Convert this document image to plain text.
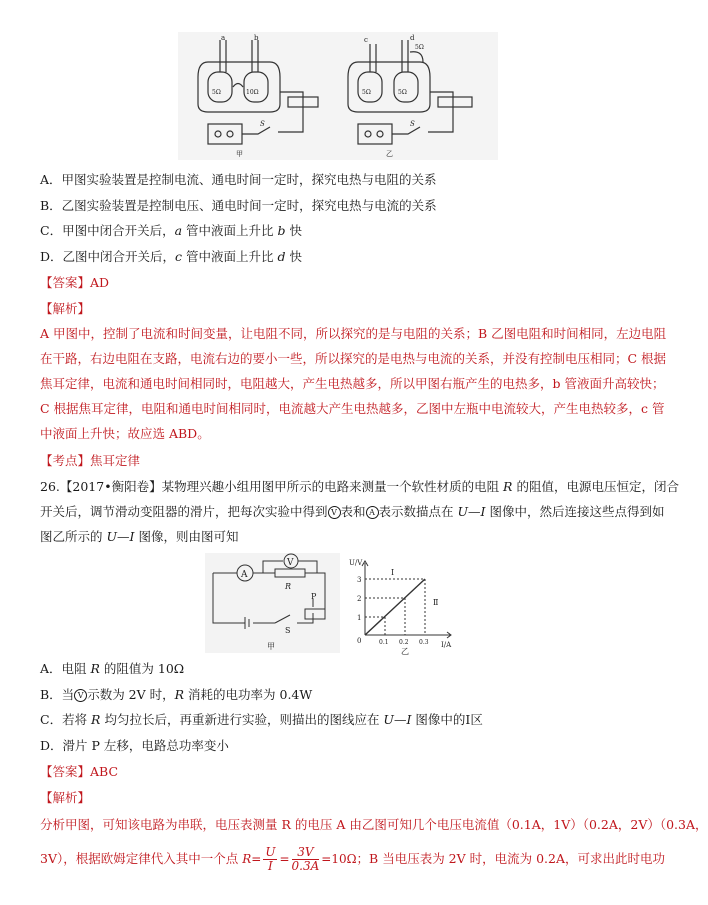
a	b
5Ω	10Ω
S
甲
c	d
5Ω
5Ω	5Ω
S
乙
A．甲图实验装置是控制电流、通电时间一定时，探究电热与电阻的关系
B．乙图实验装置是控制电压、通电时间一定时，探究电热与电流的关系
C．甲图中闭合开关后，a 管中液面上升比 b 快
D．乙图中闭合开关后，c 管中液面上升比 d 快
【答案】AD
【解析】
A 甲图中，控制了电流和时间变量，让电阻不同，所以探究的是与电阻的关系；B 乙图电阻和时间相同，左边电阻
在干路，右边电阻在支路，电流右边的要小一些，所以探究的是电热与电流的关系，并没有控制电压相同；C 根据
焦耳定律，电流和通电时间相同时，电阻越大，产生电热越多，所以甲图右瓶产生的电热多，b 管液面升高较快；
C 根据焦耳定律，电阻和通电时间相同时，电流越大产生电热越多，乙图中左瓶中电流较大，产生电热较多，c 管
中液面上升快；故应选 ABD。
【考点】焦耳定律
26.【2017•衡阳卷】某物理兴趣小组用图甲所示的电路来测量一个软性材质的电阻 R 的阻值，电源电压恒定，闭合
开关后，调节滑动变阻器的滑片，把每次实验中得到 V 表和 A 表示数描点在 U—I 图像中，然后连接这些点得到如
图乙所示的 U—I 图像，则由图可知
A
V
R
P
S
甲
U/V
I/A
3
2
1
0	0.1 0.2 0.3
Ⅰ
Ⅱ
乙
A．电阻 R 的阻值为 10Ω
B．当 V 示数为 2V 时，R 消耗的电功率为 0.4W
C．若将 R 均匀拉长后，再重新进行实验，则描出的图线应在 U—I 图像中的Ⅰ区
D．滑片 P 左移，电路总功率变小
【答案】ABC
【解析】
分析甲图，可知该电路为串联，电压表测量 R 的电压 A 由乙图可知几个电压电流值（0.1A，1V）（0.2A，2V）（0.3A，
3V），根据欧姆定律代入其中一个点 $R= \frac{U}{I} = \frac{3V}{0.3A} =10\Omega$；B 当电压表为 2V 时，电流为 0.2A，可求出此时电功
